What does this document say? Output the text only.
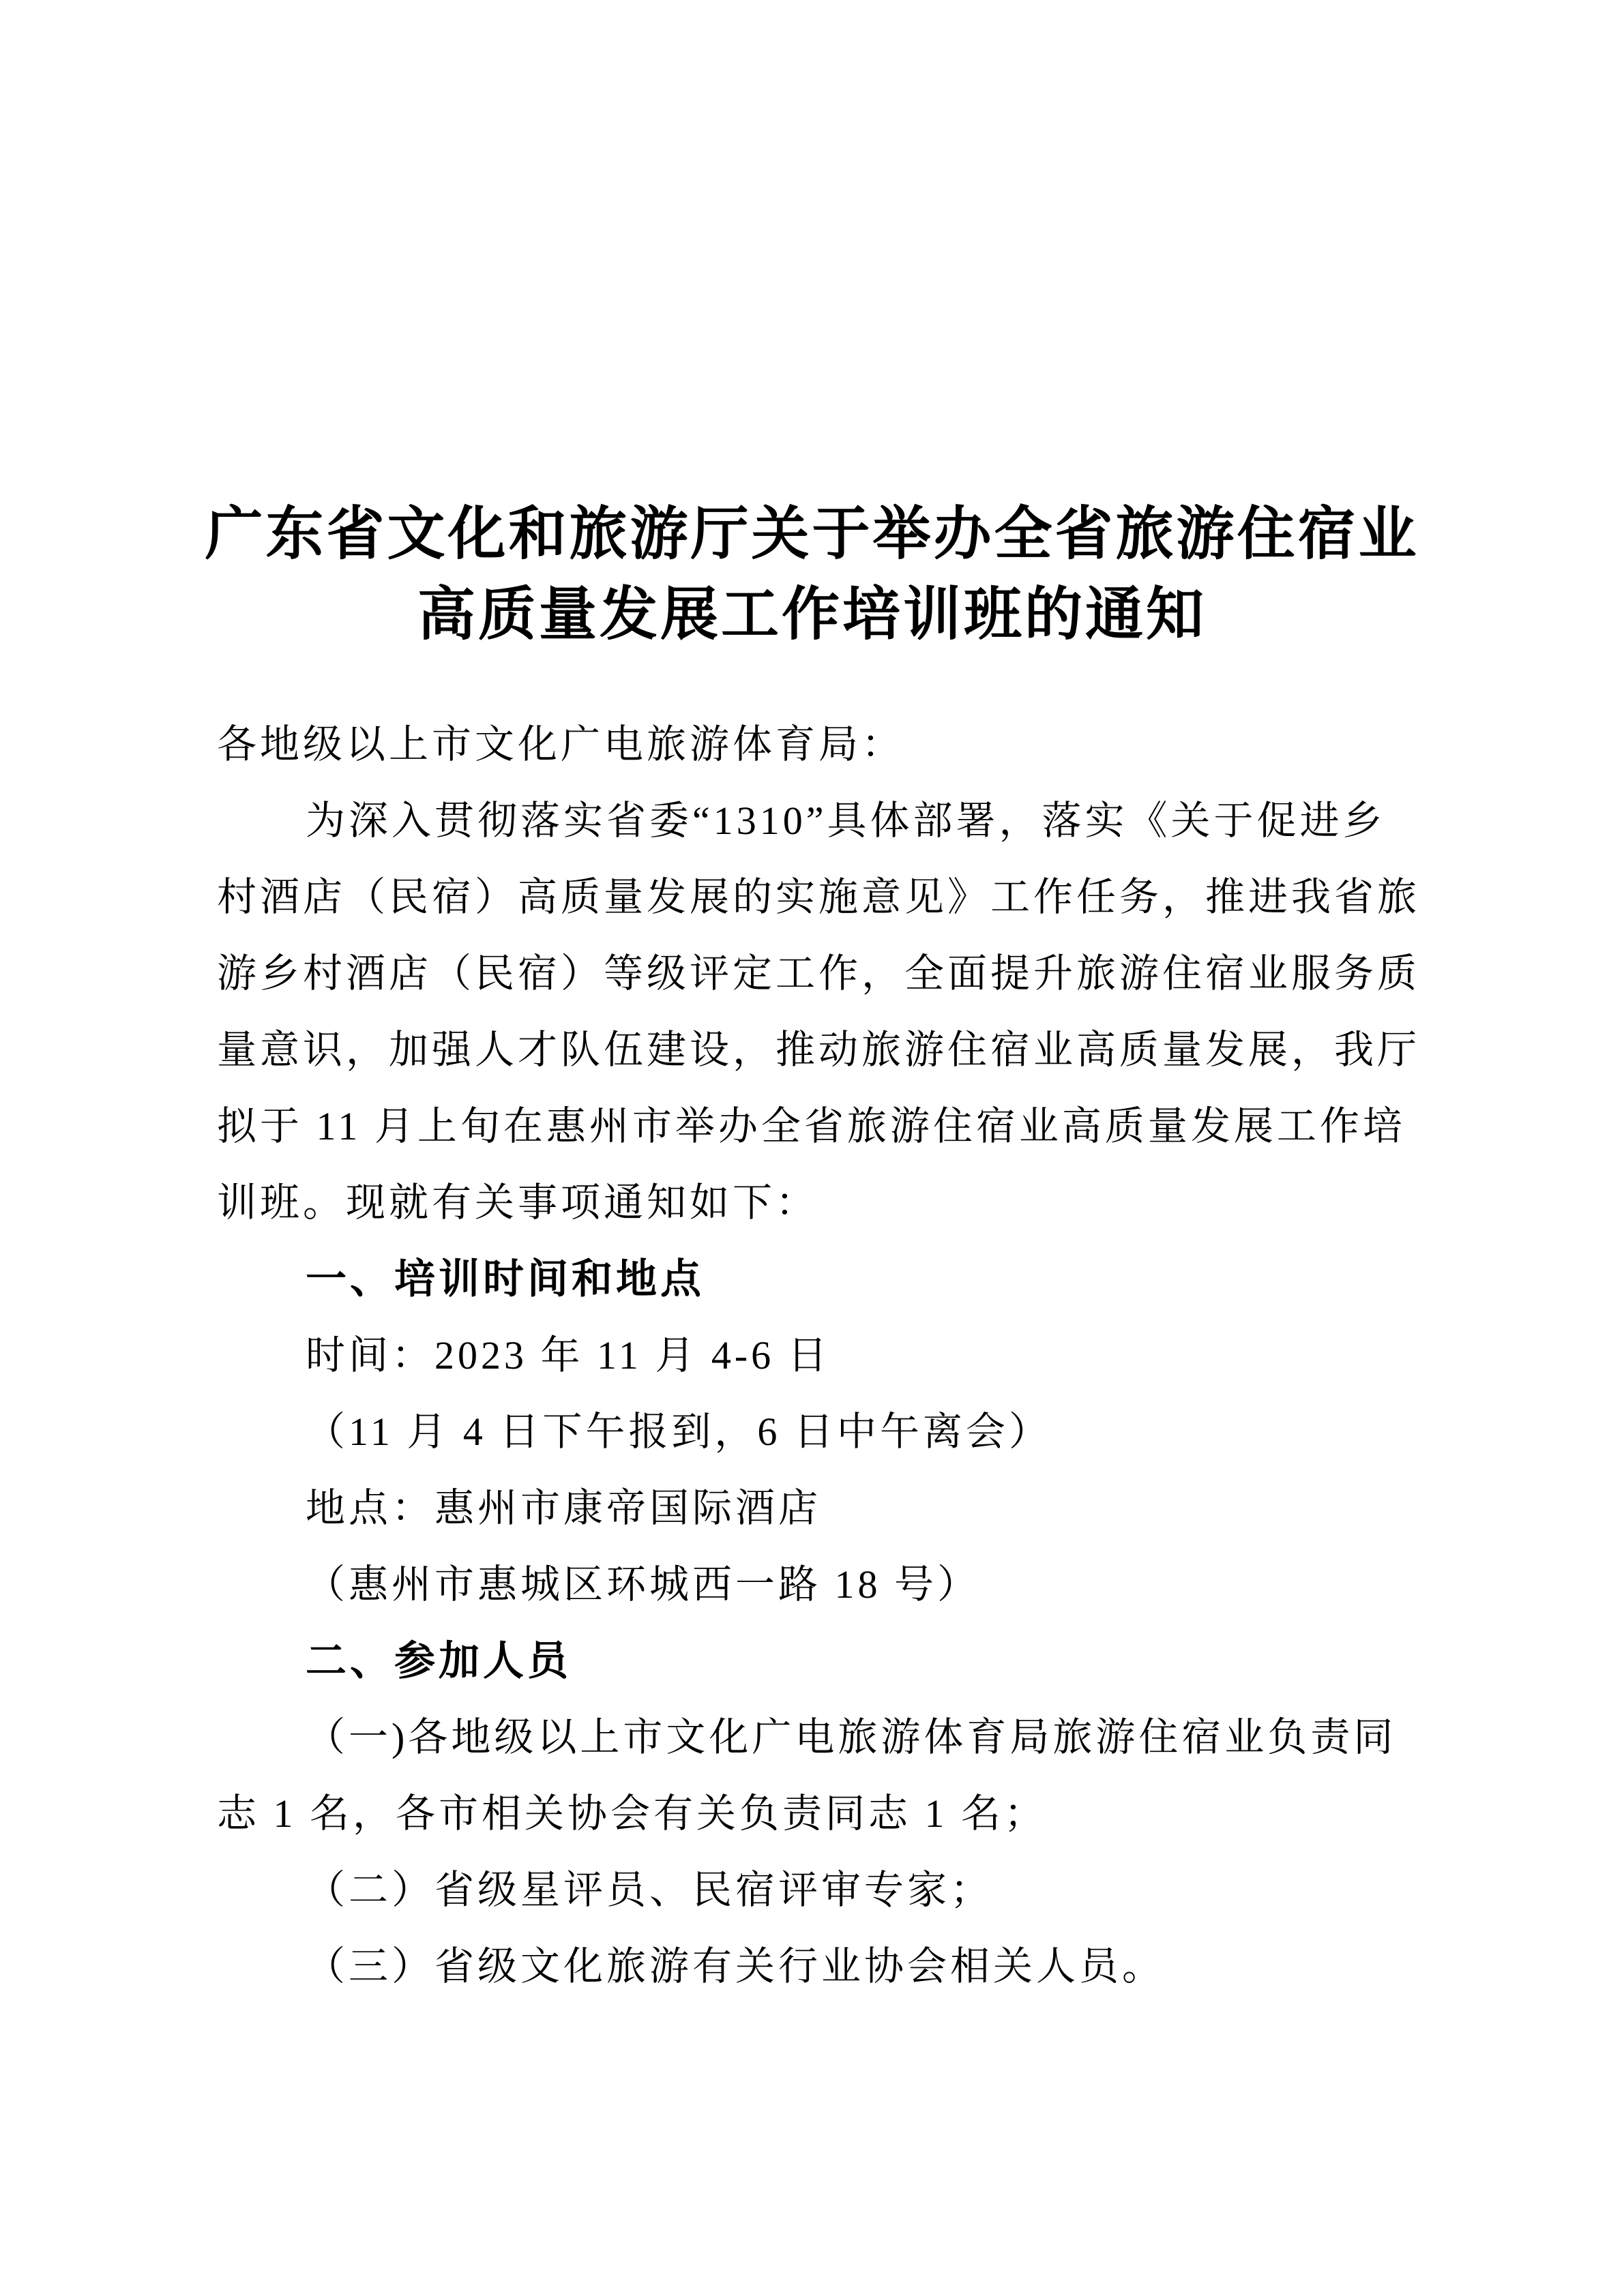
广东省文化和旅游厅关于举办全省旅游住宿业
高质量发展工作培训班的通知
各地级以上市文化广电旅游体育局：
为深入贯彻落实省委“1310”具体部署，落实《关于促进乡
村酒店（民宿）高质量发展的实施意见》工作任务，推进我省旅
游乡村酒店（民宿）等级评定工作，全面提升旅游住宿业服务质
量意识，加强人才队伍建设，推动旅游住宿业高质量发展，我厅
拟于 11 月上旬在惠州市举办全省旅游住宿业高质量发展工作培
训班。现就有关事项通知如下：
一、培训时间和地点
时间：2023 年 11 月 4-6 日
（11 月 4 日下午报到，6 日中午离会）
地点：惠州市康帝国际酒店
（惠州市惠城区环城西一路 18 号）
二、参加人员
（一)各地级以上市文化广电旅游体育局旅游住宿业负责同
志 1 名，各市相关协会有关负责同志 1 名；
（二）省级星评员、民宿评审专家；
（三）省级文化旅游有关行业协会相关人员。
